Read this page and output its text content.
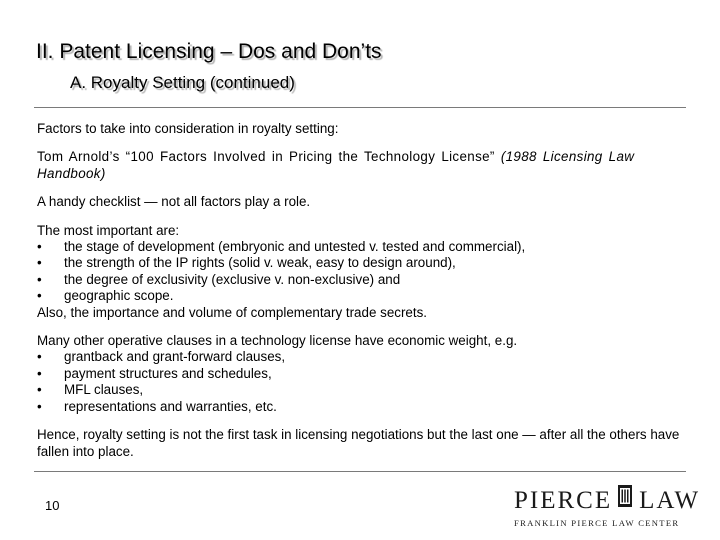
II. Patent Licensing – Dos and Don’ts
A. Royalty Setting (continued)

Factors to take into consideration in royalty setting:

Tom Arnold’s “100 Factors Involved in Pricing the Technology License” (1988 Licensing Law Handbook)

A handy checklist — not all factors play a role.

The most important are:
• the stage of development (embryonic and untested v. tested and commercial),
• the strength of the IP rights (solid v. weak, easy to design around),
• the degree of exclusivity (exclusive v. non-exclusive) and
• geographic scope.
Also, the importance and volume of complementary trade secrets.
Many other operative clauses in a technology license have economic weight, e.g.
• grantback and grant-forward clauses,
• payment structures and schedules,
• MFL clauses,
• representations and warranties, etc.

Hence, royalty setting is not the first task in licensing negotiations but the last one — after all the others have fallen into place.

10	PIERCE LAW
FRANKLIN PIERCE LAW CENTER
